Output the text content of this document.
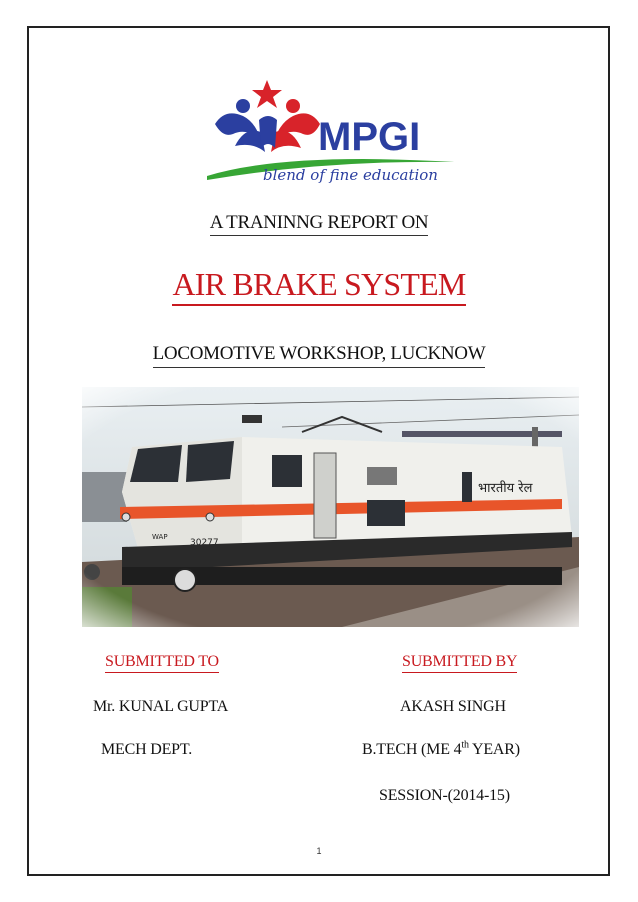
MPGI
blend of fine education
A TRANINNG REPORT ON
AIR BRAKE SYSTEM
LOCOMOTIVE WORKSHOP, LUCKNOW
SUBMITTED TO
Mr. KUNAL GUPTA
MECH DEPT.
SUBMITTED BY
AKASH SINGH
B.TECH (ME 4th YEAR)
SESSION-(2014-15)
1
